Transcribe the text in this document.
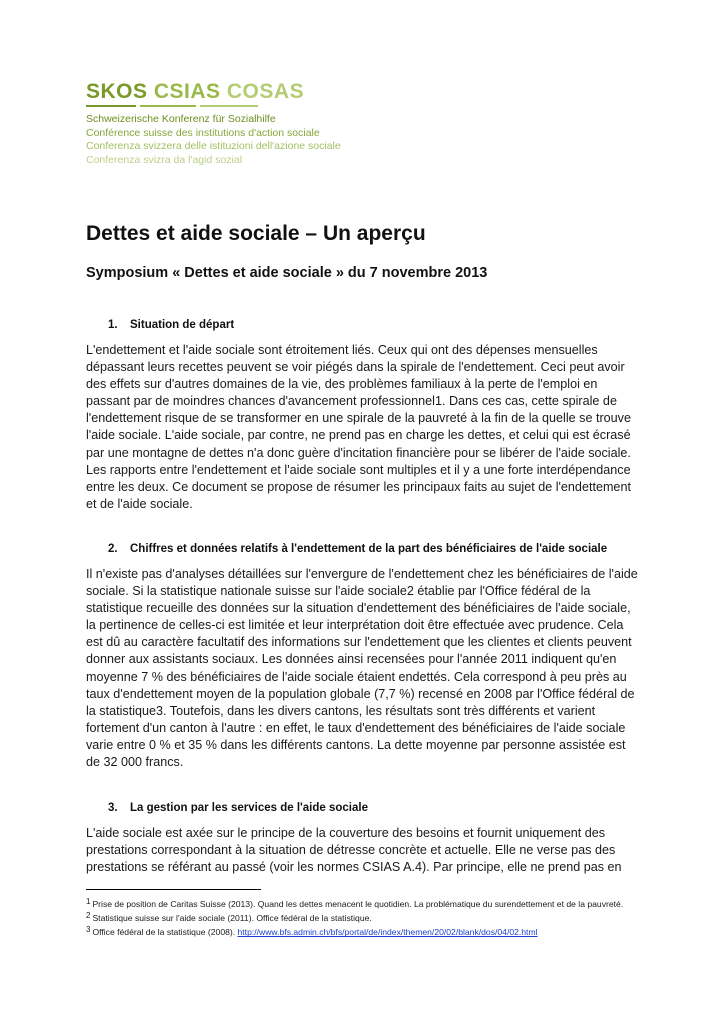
SKOS CSIAS COSAS
Schweizerische Konferenz für Sozialhilfe
Conférence suisse des institutions d'action sociale
Conferenza svizzera delle istituzioni dell'azione sociale
Conferenza svizra da l'agid sozial
Dettes et aide sociale – Un aperçu
Symposium « Dettes et aide sociale » du 7 novembre 2013
1. Situation de départ
L'endettement et l'aide sociale sont étroitement liés. Ceux qui ont des dépenses mensuelles dépassant leurs recettes peuvent se voir piégés dans la spirale de l'endettement. Ceci peut avoir des effets sur d'autres domaines de la vie, des problèmes familiaux à la perte de l'emploi en passant par de moindres chances d'avancement professionnel1. Dans ces cas, cette spirale de l'endettement risque de se transformer en une spirale de la pauvreté à la fin de la quelle se trouve l'aide sociale. L'aide sociale, par contre, ne prend pas en charge les dettes, et celui qui est écrasé par une montagne de dettes n'a donc guère d'incitation financière pour se libérer de l'aide sociale. Les rapports entre l'endettement et l'aide sociale sont multiples et il y a une forte interdépendance entre les deux. Ce document se propose de résumer les principaux faits au sujet de l'endettement et de l'aide sociale.
2. Chiffres et données relatifs à l'endettement de la part des bénéficiaires de l'aide sociale
Il n'existe pas d'analyses détaillées sur l'envergure de l'endettement chez les bénéficiaires de l'aide sociale. Si la statistique nationale suisse sur l'aide sociale2 établie par l'Office fédéral de la statistique recueille des données sur la situation d'endettement des bénéficiaires de l'aide sociale, la pertinence de celles-ci est limitée et leur interprétation doit être effectuée avec prudence. Cela est dû au caractère facultatif des informations sur l'endettement que les clientes et clients peuvent donner aux assistants sociaux. Les données ainsi recensées pour l'année 2011 indiquent qu'en moyenne 7 % des bénéficiaires de l'aide sociale étaient endettés. Cela correspond à peu près au taux d'endettement moyen de la population globale (7,7 %) recensé en 2008 par l'Office fédéral de la statistique3. Toutefois, dans les divers cantons, les résultats sont très différents et varient fortement d'un canton à l'autre : en effet, le taux d'endettement des bénéficiaires de l'aide sociale varie entre 0 % et 35 % dans les différents cantons. La dette moyenne par personne assistée est de 32 000 francs.
3. La gestion par les services de l'aide sociale
L'aide sociale est axée sur le principe de la couverture des besoins et fournit uniquement des prestations correspondant à la situation de détresse concrète et actuelle. Elle ne verse pas des prestations se référant au passé (voir les normes CSIAS A.4). Par principe, elle ne prend pas en
$^1$ Prise de position de Caritas Suisse (2013). Quand les dettes menacent le quotidien. La problématique du surendettement et de la pauvreté.
$^2$ Statistique suisse sur l'aide sociale (2011). Office fédéral de la statistique.
$^3$ Office fédéral de la statistique (2008). http://www.bfs.admin.ch/bfs/portal/de/index/themen/20/02/blank/dos/04/02.html
